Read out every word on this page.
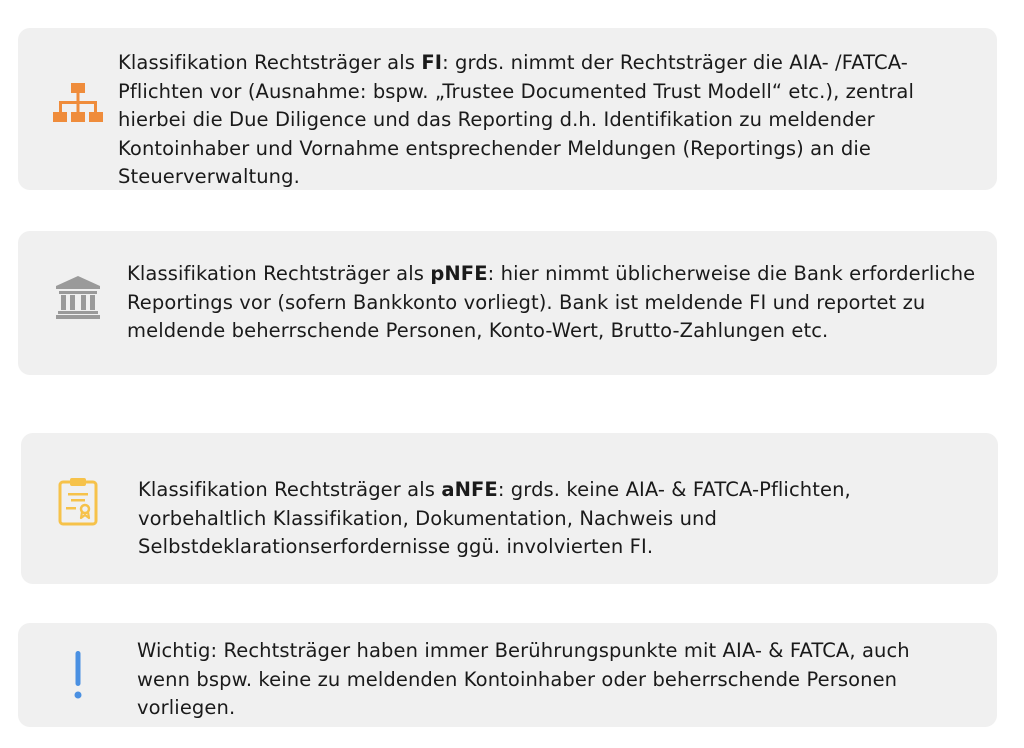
Klassifikation Rechtsträger als FI: grds. nimmt der Rechtsträger die AIA- /FATCA-Pflichten vor (Ausnahme: bspw. „Trustee Documented Trust Modell“ etc.), zentral hierbei die Due Diligence und das Reporting d.h. Identifikation zu meldender Kontoinhaber und Vornahme entsprechender Meldungen (Reportings) an die Steuerverwaltung.

Klassifikation Rechtsträger als pNFE: hier nimmt üblicherweise die Bank erforderliche Reportings vor (sofern Bankkonto vorliegt). Bank ist meldende FI und reportet zu meldende beherrschende Personen, Konto-Wert, Brutto-Zahlungen etc.

Klassifikation Rechtsträger als aNFE: grds. keine AIA- & FATCA-Pflichten, vorbehaltlich Klassifikation, Dokumentation, Nachweis und Selbstdeklarationserfordernisse ggü. involvierten FI.

Wichtig: Rechtsträger haben immer Berührungspunkte mit AIA- & FATCA, auch wenn bspw. keine zu meldenden Kontoinhaber oder beherrschende Personen vorliegen.
